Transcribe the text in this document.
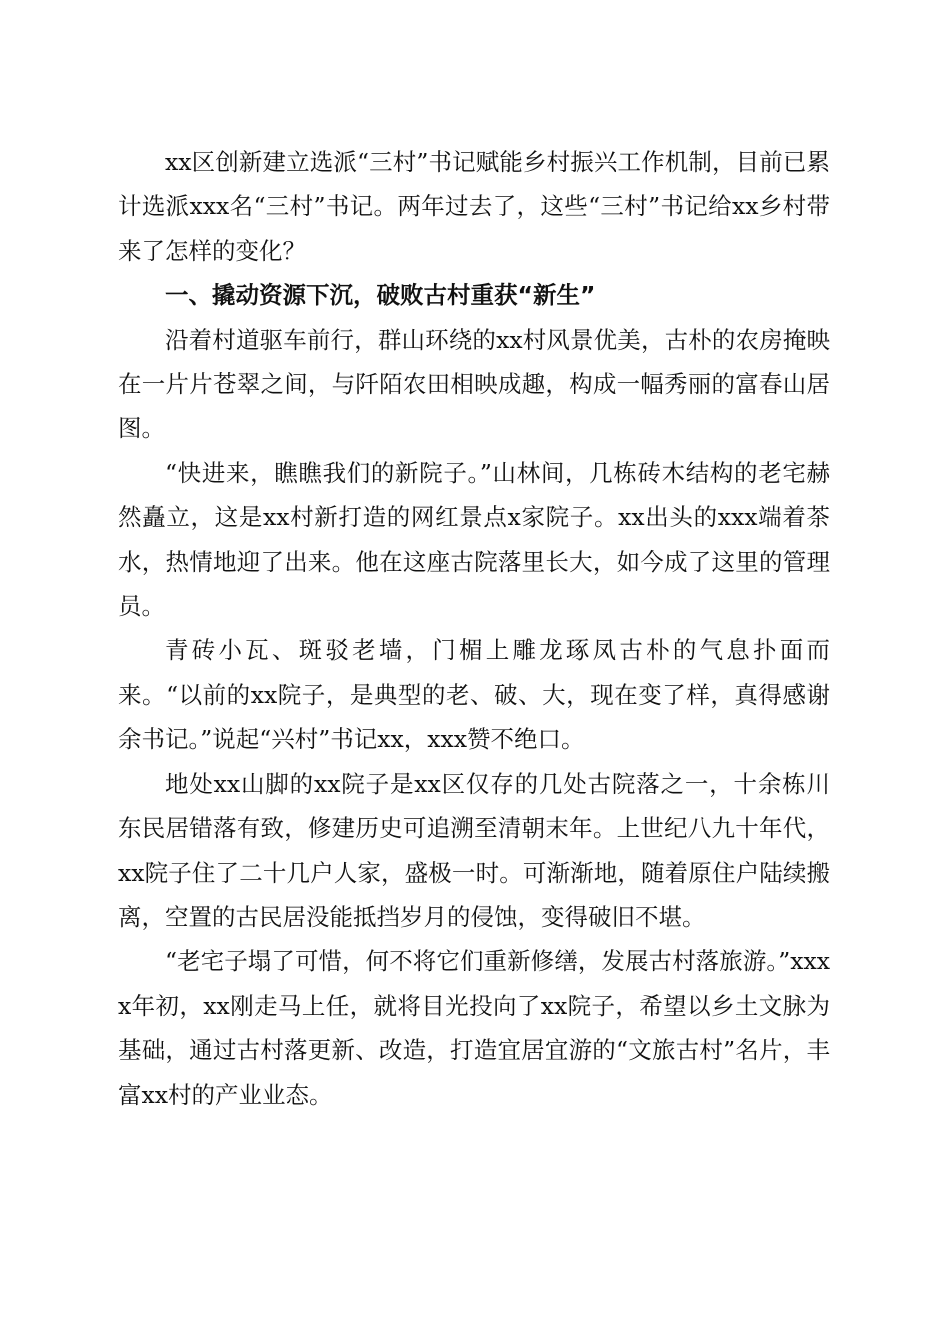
xx区创新建立选派“三村”书记赋能乡村振兴工作机制，目前已累计选派xxx名“三村”书记。两年过去了，这些“三村”书记给xx乡村带来了怎样的变化？

一、撬动资源下沉，破败古村重获“新生”

沿着村道驱车前行，群山环绕的xx村风景优美，古朴的农房掩映在一片片苍翠之间，与阡陌农田相映成趣，构成一幅秀丽的富春山居图。

“快进来，瞧瞧我们的新院子。”山林间，几栋砖木结构的老宅赫然矗立，这是xx村新打造的网红景点x家院子。xx出头的xxx端着茶水，热情地迎了出来。他在这座古院落里长大，如今成了这里的管理员。

青砖小瓦、斑驳老墙，门楣上雕龙琢凤古朴的气息扑面而来。“以前的xx院子，是典型的老、破、大，现在变了样，真得感谢余书记。”说起“兴村”书记xx，xxx赞不绝口。

地处xx山脚的xx院子是xx区仅存的几处古院落之一，十余栋川东民居错落有致，修建历史可追溯至清朝末年。上世纪八九十年代，xx院子住了二十几户人家，盛极一时。可渐渐地，随着原住户陆续搬离，空置的古民居没能抵挡岁月的侵蚀，变得破旧不堪。

“老宅子塌了可惜，何不将它们重新修缮，发展古村落旅游。”xxxx年初，xx刚走马上任，就将目光投向了xx院子，希望以乡土文脉为基础，通过古村落更新、改造，打造宜居宜游的“文旅古村”名片，丰富xx村的产业业态。
